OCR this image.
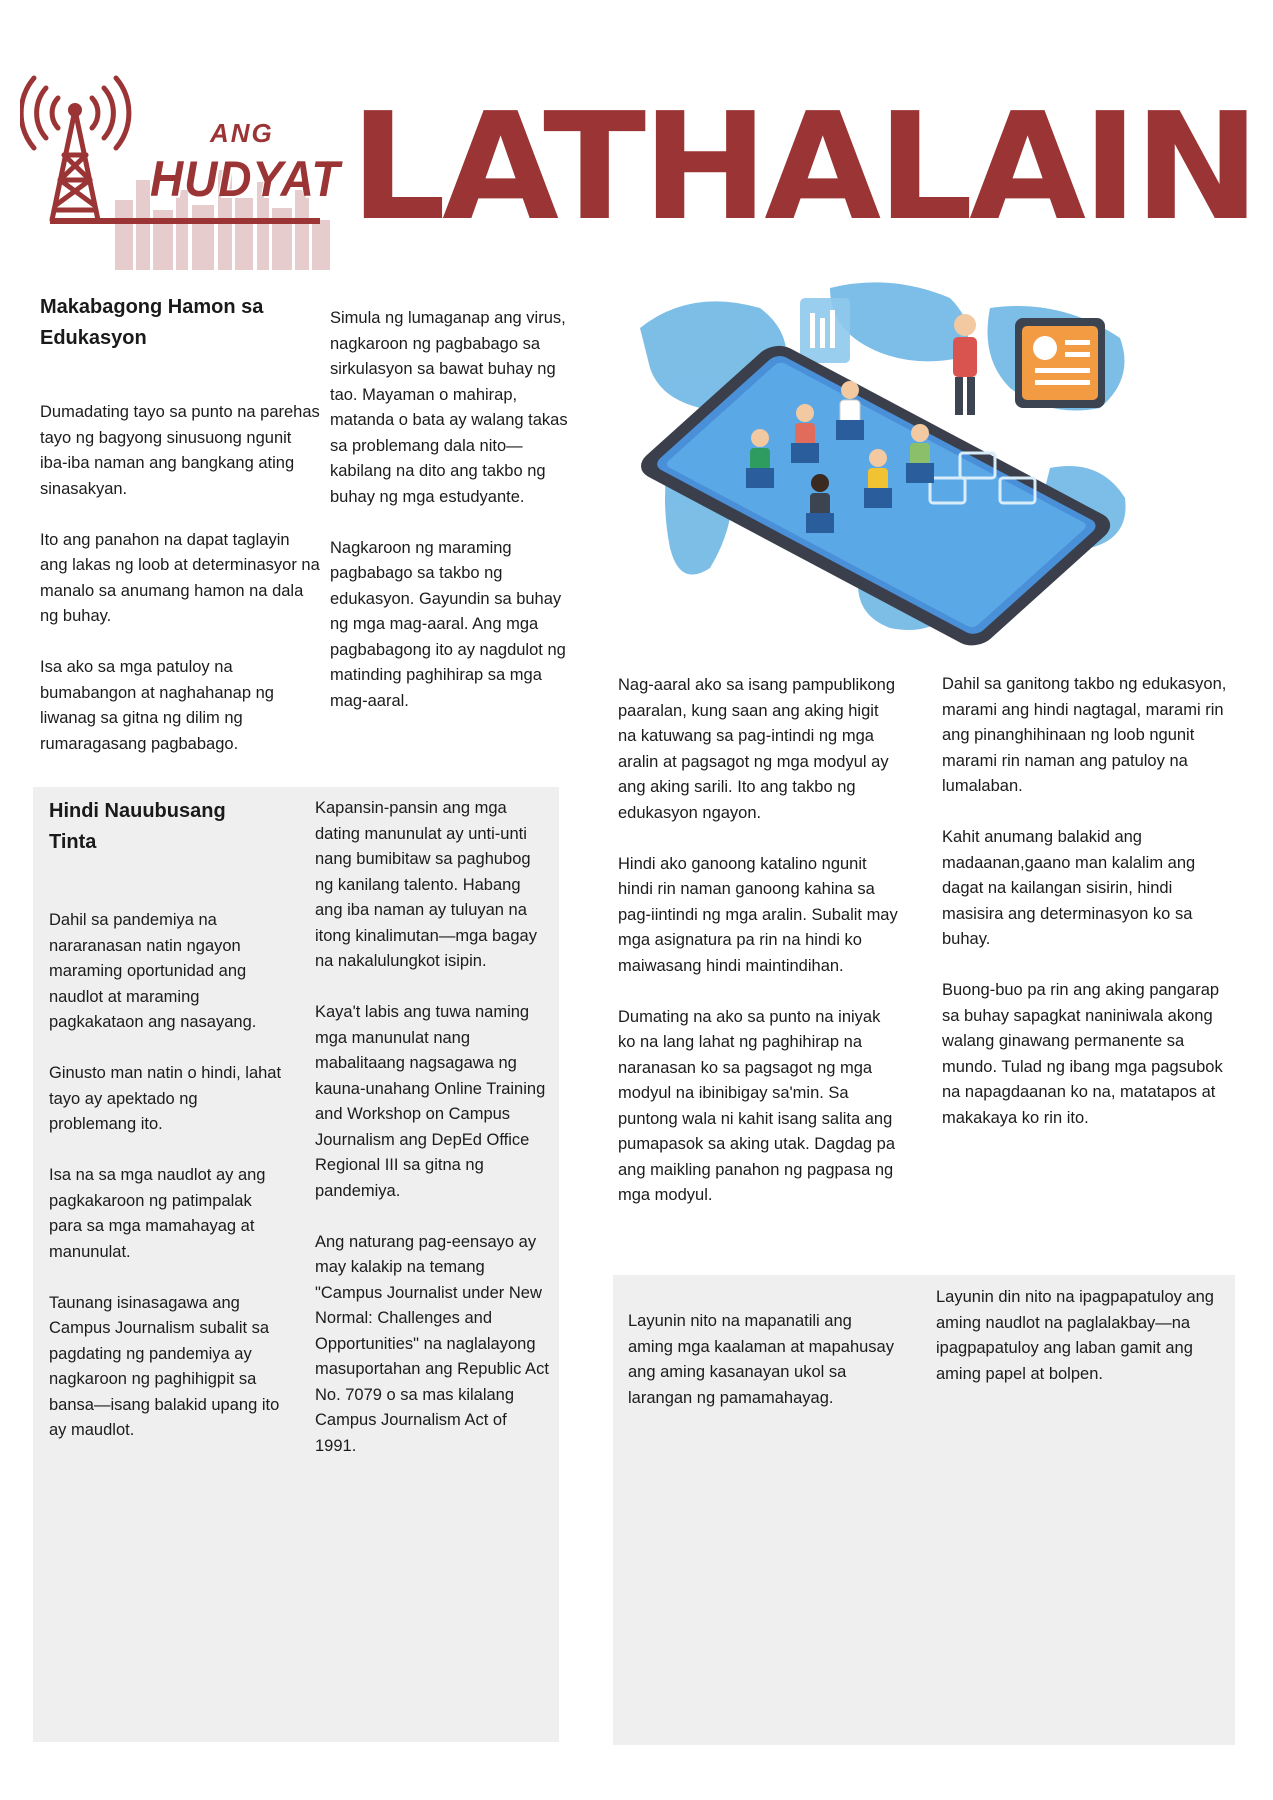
ANG
HUDYAT LATHALAIN
Makabagong Hamon sa Edukasyon

Dumadating tayo sa punto na parehas tayo ng bagyong sinusuong ngunit iba-iba naman ang bangkang ating sinasakyan.

Ito ang panahon na dapat taglayin ang lakas ng loob at determinasyor na manalo sa anumang hamon na dala ng buhay.

Isa ako sa mga patuloy na bumabangon at naghahanap ng liwanag sa gitna ng dilim ng rumaragasang pagbabago.

Simula ng lumaganap ang virus, nagkaroon ng pagbabago sa sirkulasyon sa bawat buhay ng tao. Mayaman o mahirap, matanda o bata ay walang takas sa problemang dala nito—kabilang na dito ang takbo ng buhay ng mga estudyante.

Nagkaroon ng maraming pagbabago sa takbo ng edukasyon. Gayundin sa buhay ng mga mag-aaral. Ang mga pagbabagong ito ay nagdulot ng matinding paghihirap sa mga mag-aaral.

Nag-aaral ako sa isang pampublikong paaralan, kung saan ang aking higit na katuwang sa pag-intindi ng mga aralin at pagsagot ng mga modyul ay ang aking sarili. Ito ang takbo ng edukasyon ngayon.

Hindi ako ganoong katalino ngunit hindi rin naman ganoong kahina sa pag-iintindi ng mga aralin. Subalit may mga asignatura pa rin na hindi ko maiwasang hindi maintindihan.

Dumating na ako sa punto na iniyak ko na lang lahat ng paghihirap na naranasan ko sa pagsagot ng mga modyul na ibinibigay sa'min. Sa puntong wala ni kahit isang salita ang pumapasok sa aking utak. Dagdag pa ang maikling panahon ng pagpasa ng mga modyul.

Dahil sa ganitong takbo ng edukasyon, marami ang hindi nagtagal, marami rin ang pinanghihinaan ng loob ngunit marami rin naman ang patuloy na lumalaban.

Kahit anumang balakid ang madaanan,gaano man kalalim ang dagat na kailangan sisirin, hindi masisira ang determinasyon ko sa buhay.

Buong-buo pa rin ang aking pangarap sa buhay sapagkat naniniwala akong walang ginawang permanente sa mundo. Tulad ng ibang mga pagsubok na napagdaanan ko na, matatapos at makakaya ko rin ito.

Hindi Nauubusang Tinta

Dahil sa pandemiya na nararanasan natin ngayon maraming oportunidad ang naudlot at maraming pagkakataon ang nasayang.

Ginusto man natin o hindi, lahat tayo ay apektado ng problemang ito.

Isa na sa mga naudlot ay ang pagkakaroon ng patimpalak para sa mga mamahayag at manunulat.

Taunang isinasagawa ang Campus Journalism subalit sa pagdating ng pandemiya ay nagkaroon ng paghihigpit sa bansa—isang balakid upang ito ay maudlot.

Kapansin-pansin ang mga dating manunulat ay unti-unti nang bumibitaw sa paghubog ng kanilang talento. Habang ang iba naman ay tuluyan na itong kinalimutan—mga bagay na nakalulungkot isipin.

Kaya't labis ang tuwa naming mga manunulat nang mabalitaang nagsagawa ng kauna-unahang Online Training and Workshop on Campus Journalism ang DepEd Office Regional III sa gitna ng pandemiya.

Ang naturang pag-eensayo ay may kalakip na temang "Campus Journalist under New Normal: Challenges and Opportunities" na naglalayong masuportahan ang Republic Act No. 7079 o sa mas kilalang Campus Journalism Act of 1991.

Layunin nito na mapanatili ang aming mga kaalaman at mapahusay ang aming kasanayan ukol sa larangan ng pamamahayag.

Layunin din nito na ipagpapatuloy ang aming naudlot na paglalakbay—na ipagpapatuloy ang laban gamit ang aming papel at bolpen.
